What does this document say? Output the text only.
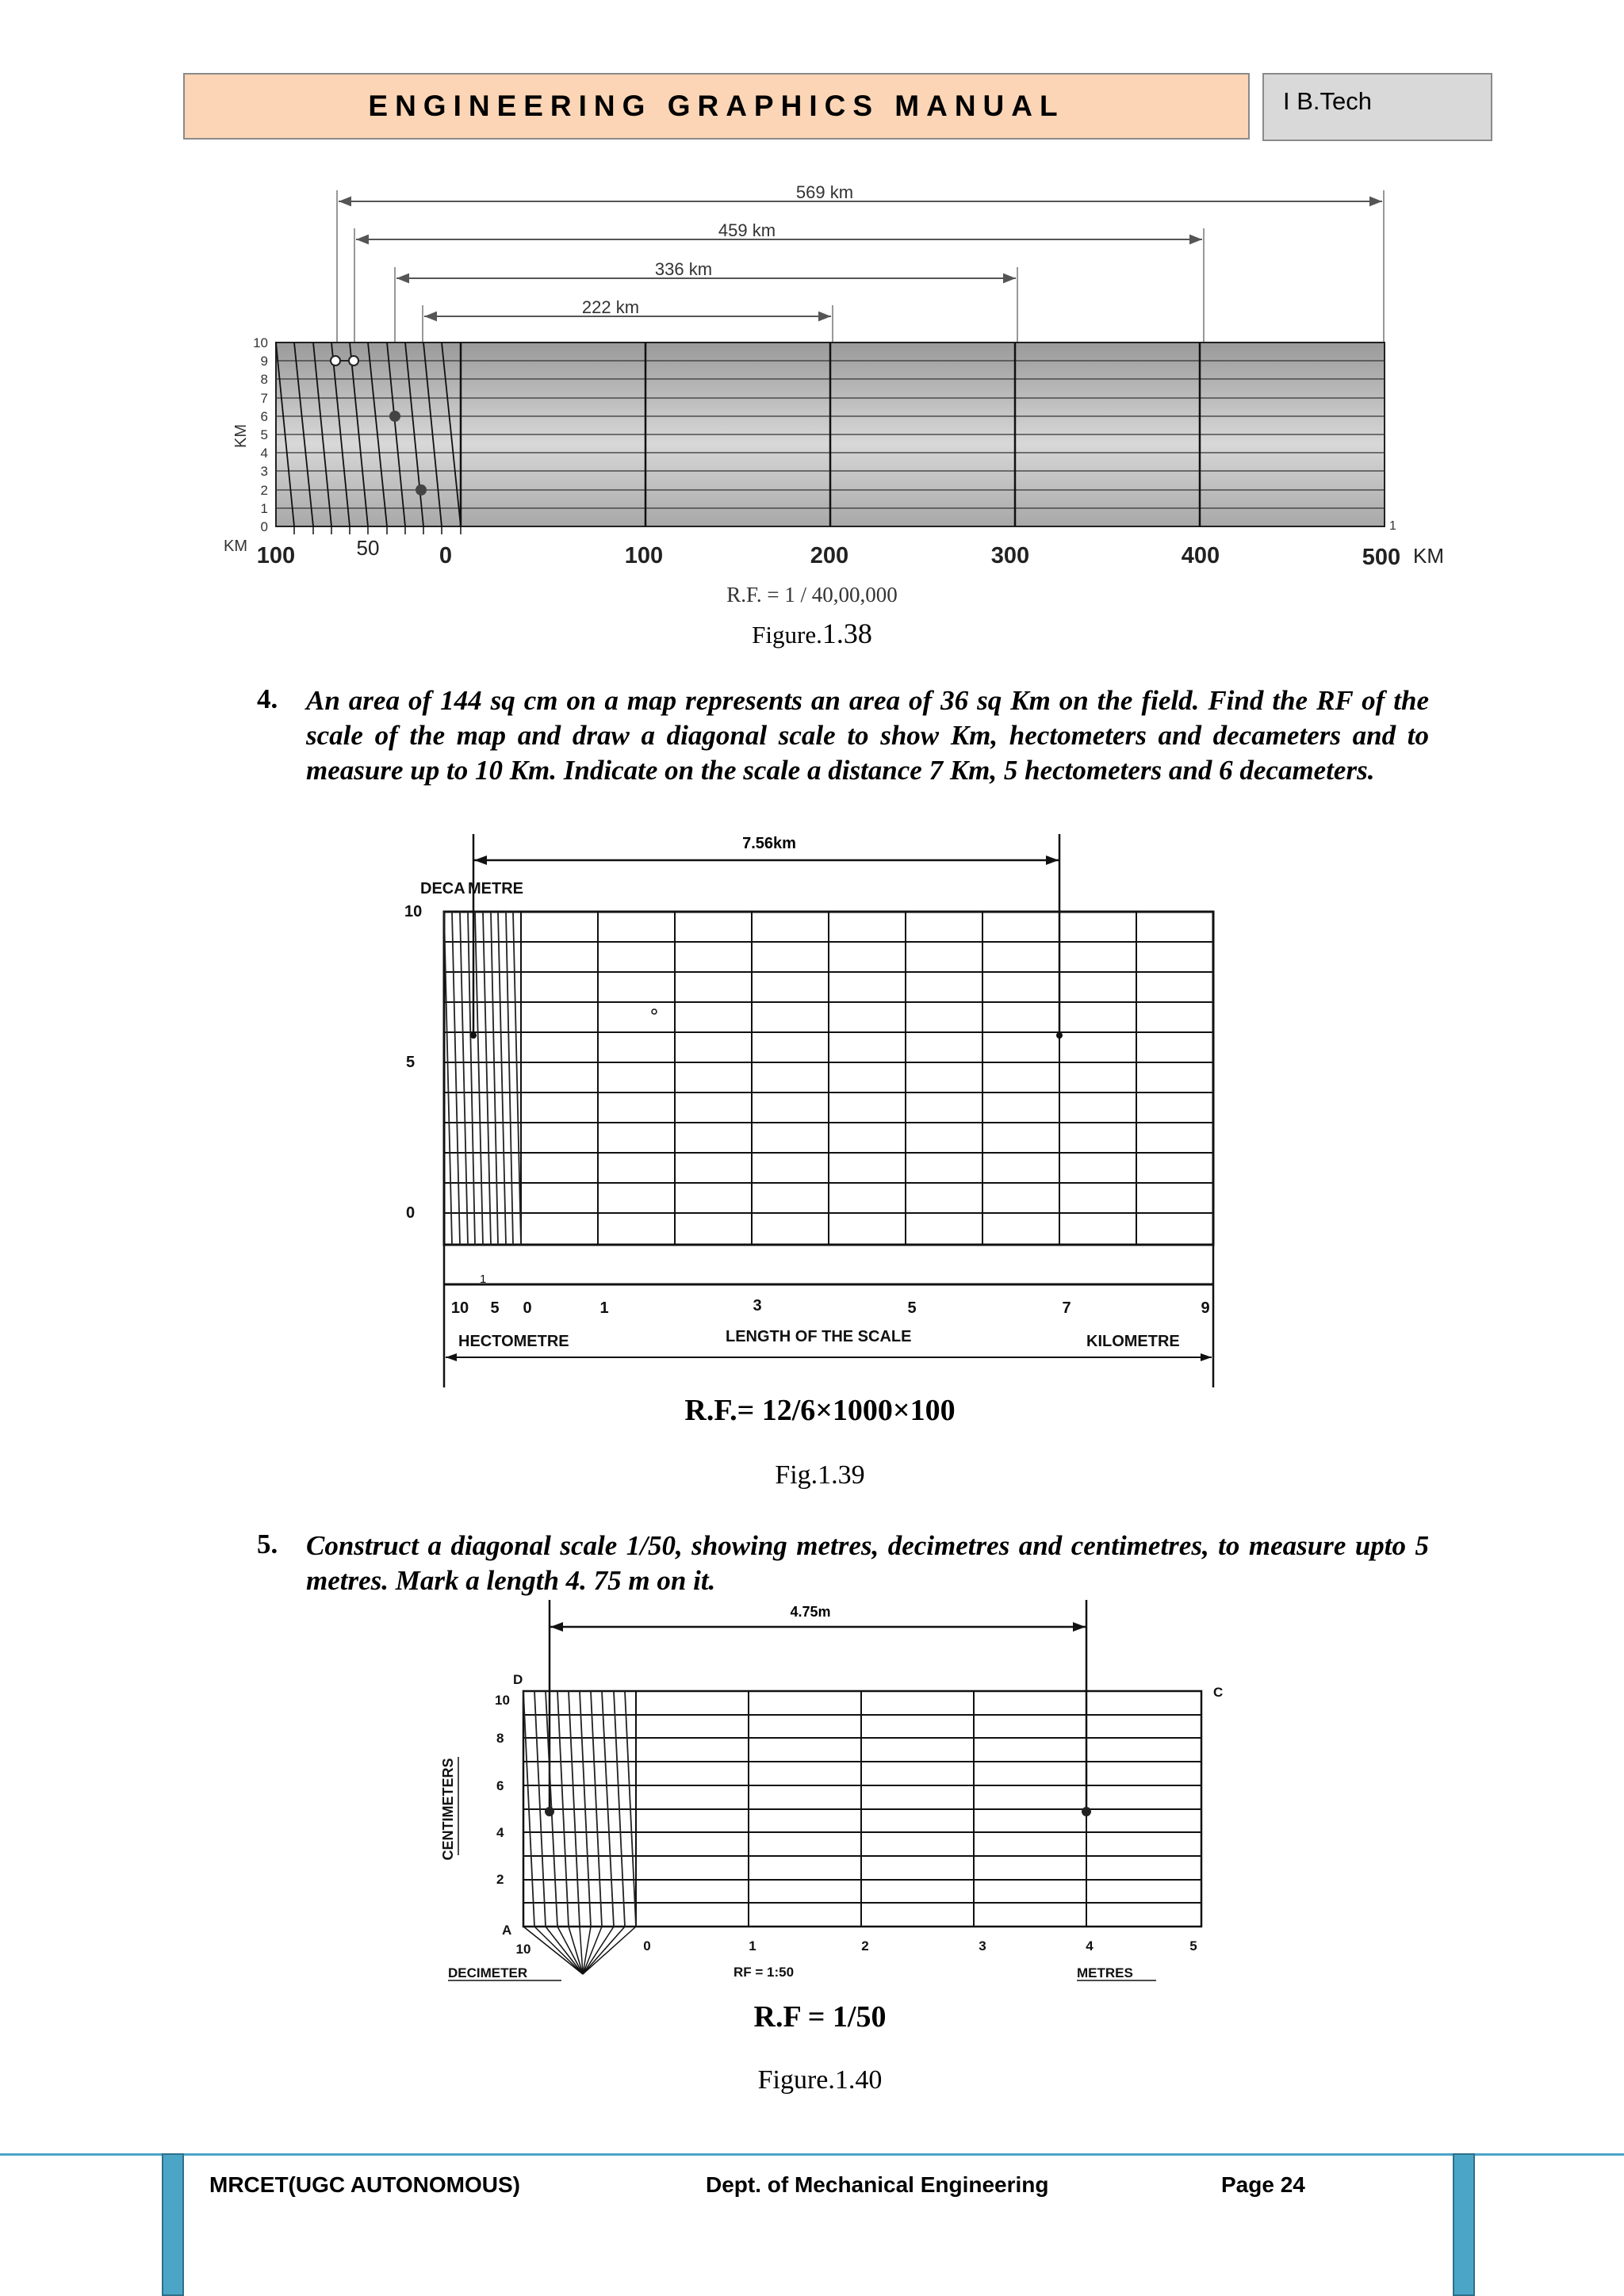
ENGINEERING GRAPHICS MANUAL	I B.Tech
569 km
459 km
336 km
222 km
10
9
8
7
6
5
4
3
2
1
0
KM
1
KM 100	50	0	100	200	300	400	500 KM
R.F. = 1 / 40,00,000
Figure.1.38
4. An area of 144 sq cm on a map represents an area of 36 sq Km on the field. Find the RF of the scale of the map and draw a diagonal scale to show Km, hectometers and decameters and to measure up to 10 Km. Indicate on the scale a distance 7 Km, 5 hectometers and 6 decameters.
7.56km
DECA METRE
10
5
0
1
10 5 0	1	3	5	7	9
HECTOMETRE	LENGTH OF THE SCALE	KILOMETRE
R.F.= 12/6×1000×100
Fig.1.39
5. Construct a diagonal scale 1/50, showing metres, decimetres and centimetres, to measure upto 5 metres. Mark a length 4. 75 m on it.
4.75m
D
C
A
10
8
6
4
2
10	0	1	2	3	4	5
DECIMETER	RF = 1:50	METRES
CENTIMETERS
R.F = 1/50
Figure.1.40
MRCET(UGC AUTONOMOUS)	Dept. of Mechanical Engineering	Page 24
